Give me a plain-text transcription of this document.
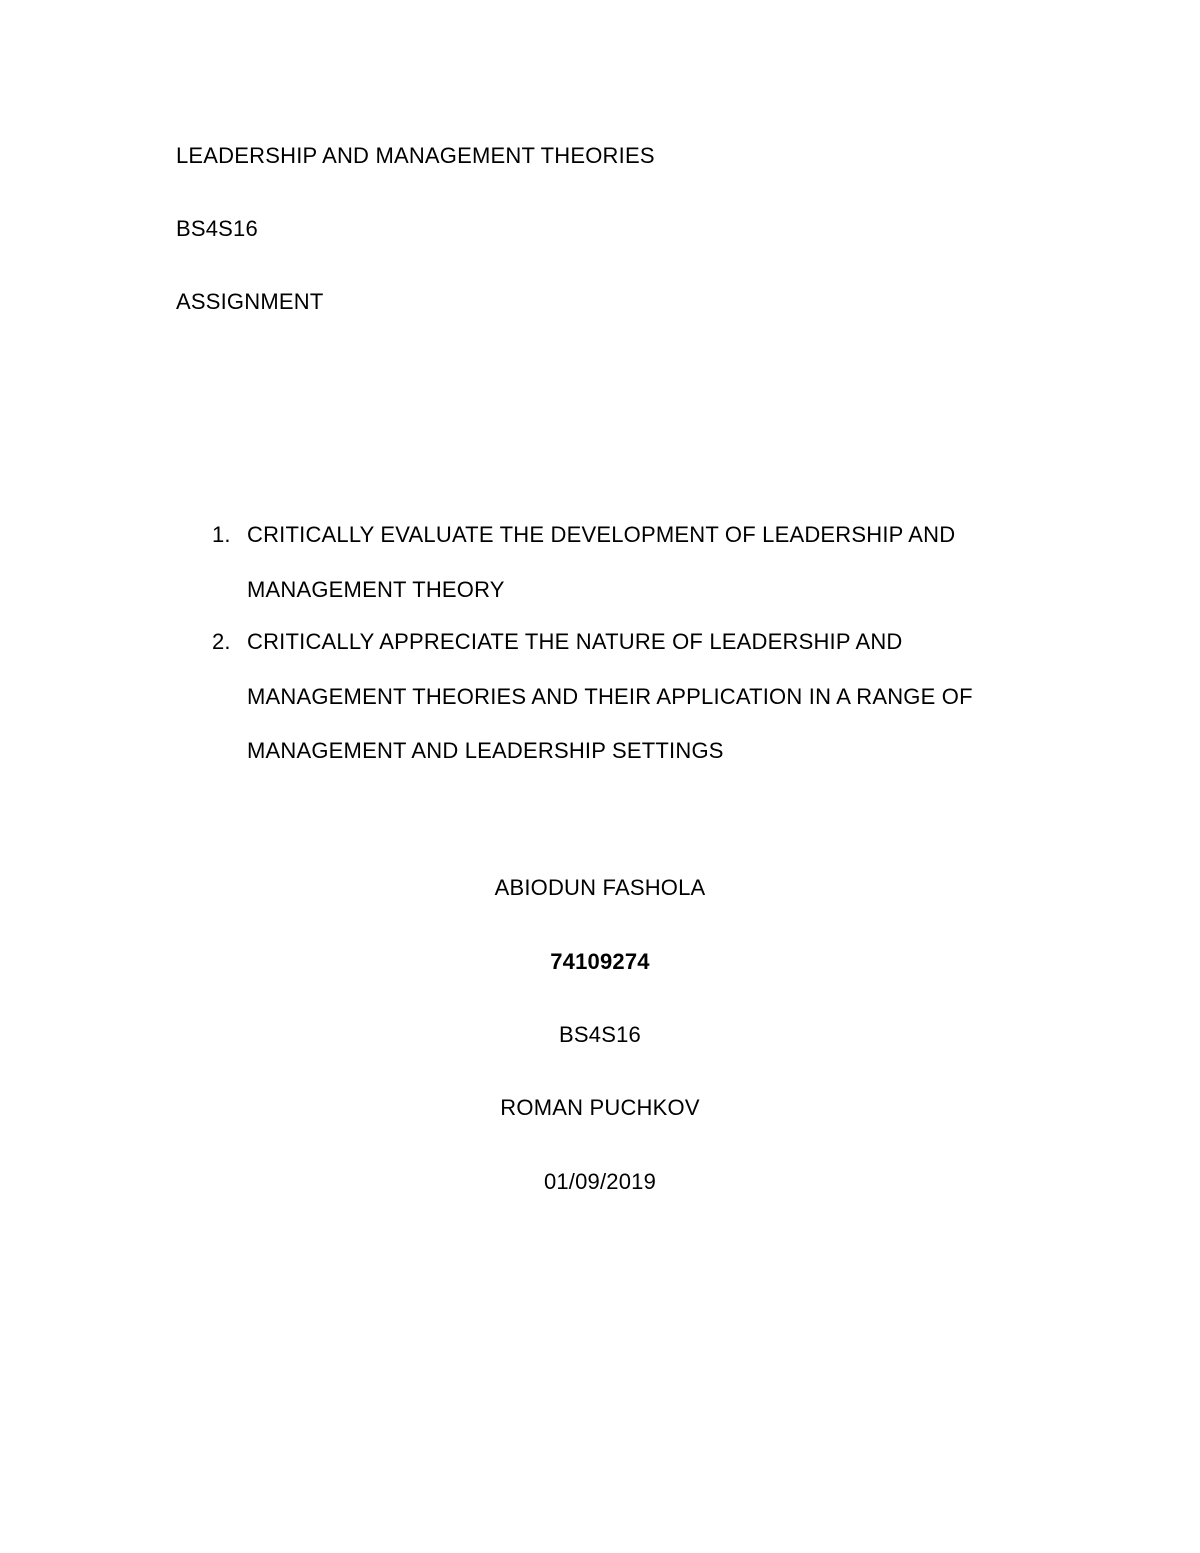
LEADERSHIP AND MANAGEMENT THEORIES
BS4S16
ASSIGNMENT
1. CRITICALLY EVALUATE THE DEVELOPMENT OF LEADERSHIP AND MANAGEMENT THEORY
2. CRITICALLY APPRECIATE THE NATURE OF LEADERSHIP AND MANAGEMENT THEORIES AND THEIR APPLICATION IN A RANGE OF MANAGEMENT AND LEADERSHIP SETTINGS
ABIODUN FASHOLA
74109274
BS4S16
ROMAN PUCHKOV
01/09/2019
